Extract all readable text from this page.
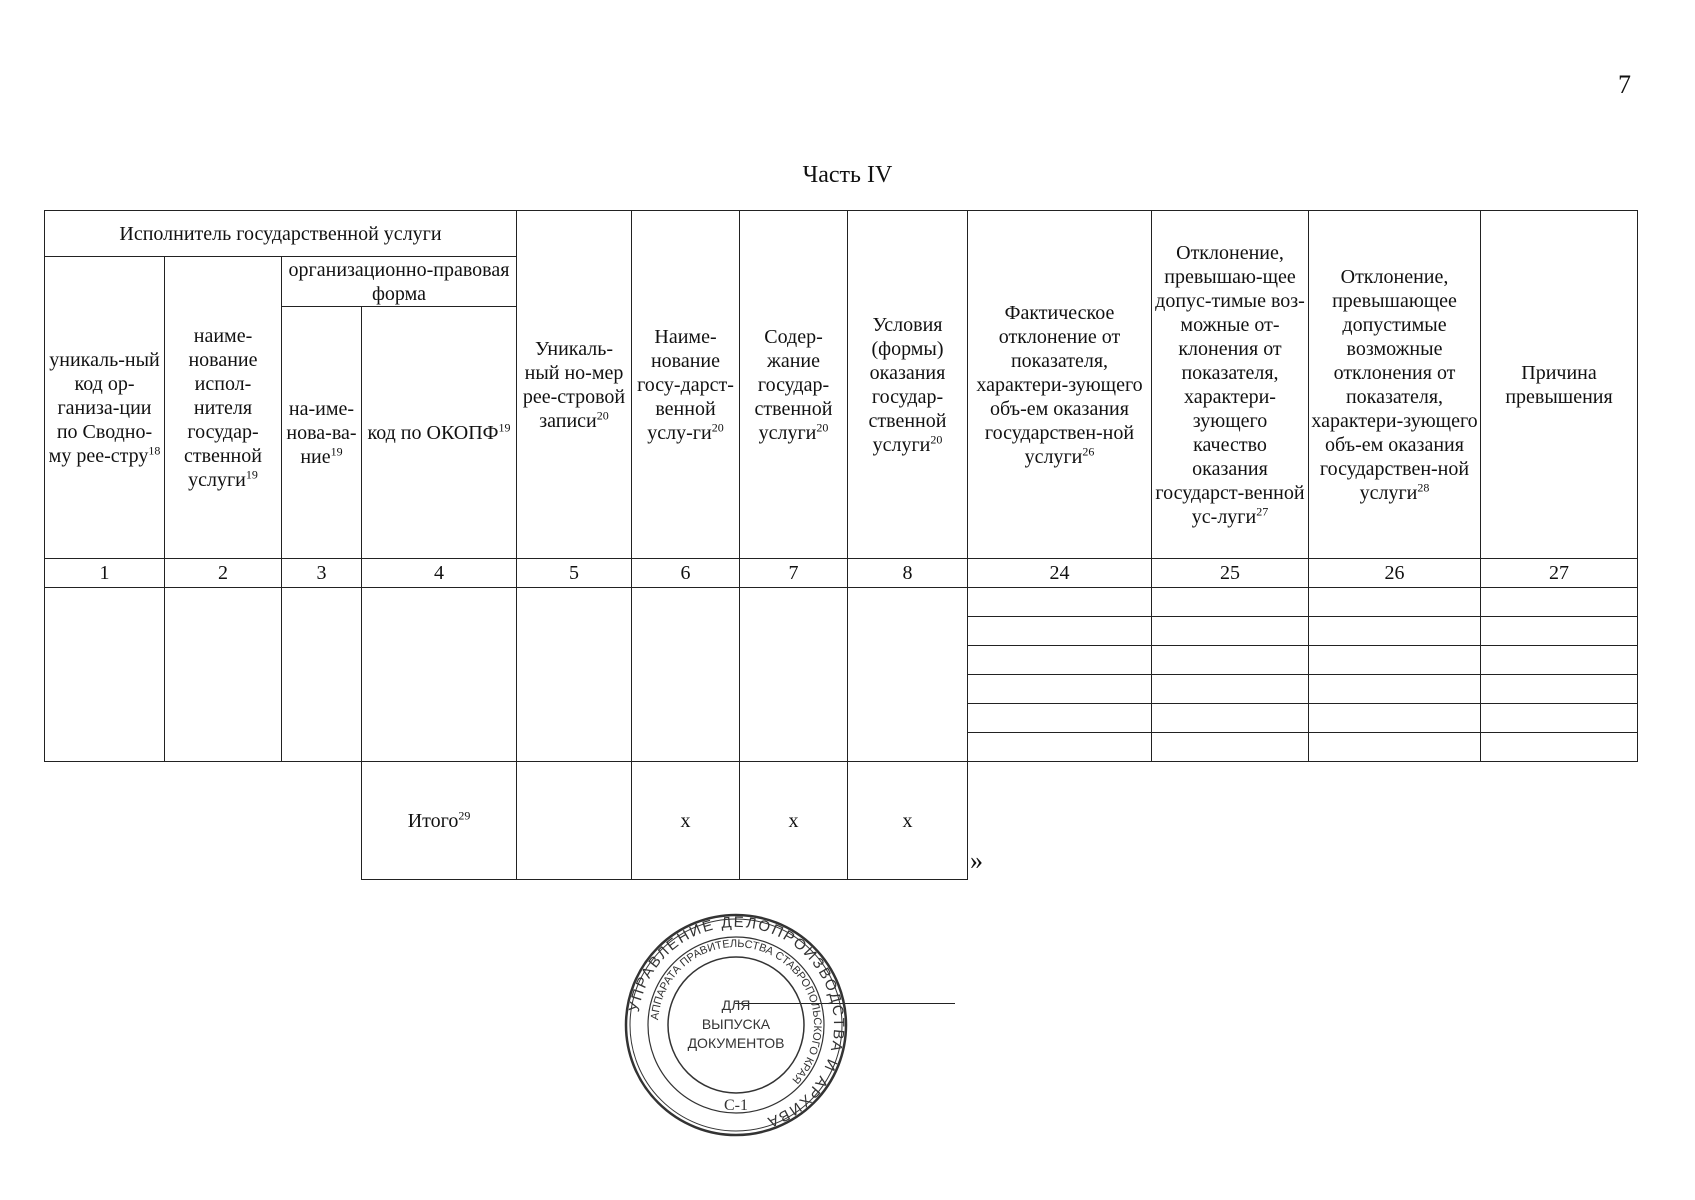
7
Часть IV
Исполнитель государственной услуги				Уникаль-ный но-мер рее-стровой записи$^{20}$	Наиме-нование госу-дарст-венной услу-$ги^{20}$	Содер-жание государ-ственной услуги$^{20}$	Условия (формы) оказания государ-ственной услуги$^{20}$	Фактическое отклонение от показателя, характери-зующего объ-ем оказания государствен-ной услуги$^{26}$	Отклонение, превышаю-щее допус-тимые воз-можные от-клонения от показателя, характери-зующего качество оказания государст-венной ус-луги$^{27}$	Отклонение, превышающее допустимые возможные отклонения от показателя, характери-зующего объ-ем оказания государствен-ной услуги$^{28}$	Причина превышения
уникаль-ный код ор-ганиза-ции по Сводно-му рее-стру$^{18}$	наиме-нование испол-нителя государ-ственной услуги$^{19}$	организационно-правовая форма									
		на-име-нова-ва-ние$^{19}$	код по ОКОПФ$^{19}$
1	2	3	4	5	6	7	8	24	25	26	27

			Итого$^{29}$		x	x	x				
»
УПРАВЛЕНИЕ ДЕЛОПРОИЗВОДСТВА И АРХИВА
АППАРАТА ПРАВИТЕЛЬСТВА СТАВРОПОЛЬСКОГО КРАЯ
ДЛЯ
ВЫПУСКА
ДОКУМЕНТОВ
С-1
